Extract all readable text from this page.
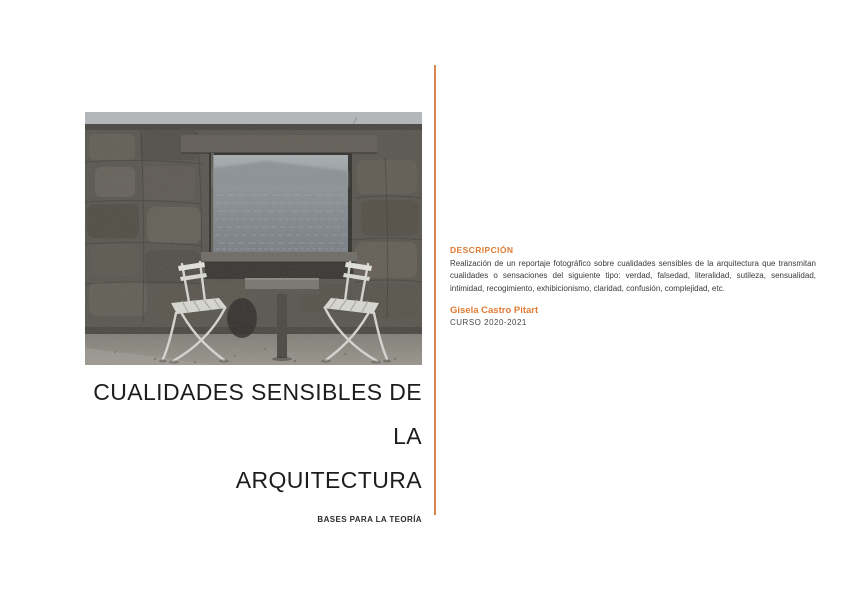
CUALIDADES SENSIBLES DE LA
ARQUITECTURA
BASES PARA LA TEORÍA
DESCRIPCIÓN
Realización de un reportaje fotográfico sobre cualidades sensibles de la arquitectura que transmitan cualidades o sensaciones del siguiente tipo: verdad, falsedad, literalidad, sutileza, sensualidad, intimidad, recogimiento, exhibicionismo, claridad, confusión, complejidad, etc.
Gisela Castro Pitart
CURSO 2020-2021
